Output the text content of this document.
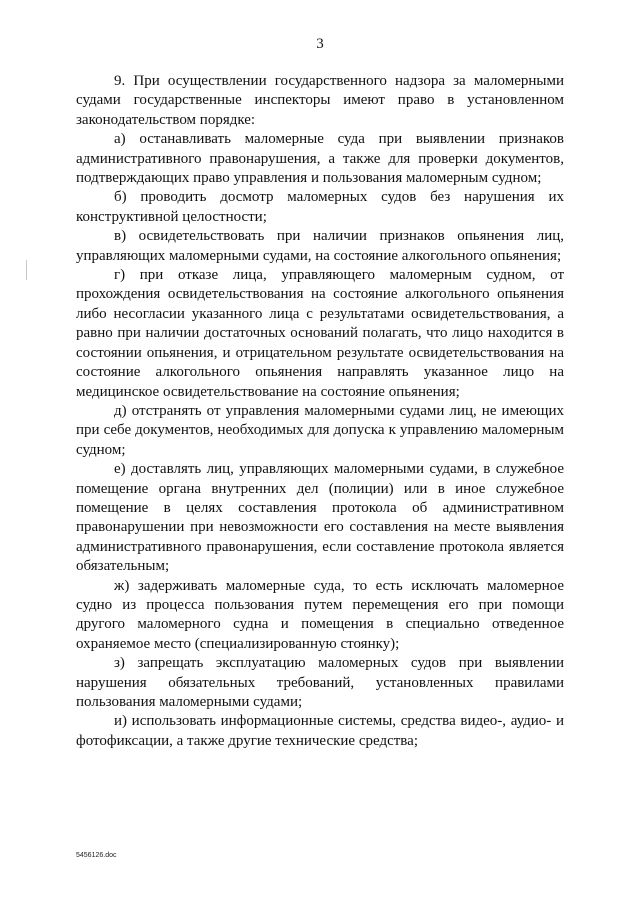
3

9. При осуществлении государственного надзора за маломерными судами государственные инспекторы имеют право в установленном законодательством порядке:

а) останавливать маломерные суда при выявлении признаков административного правонарушения, а также для проверки документов, подтверждающих право управления и пользования маломерным судном;

б) проводить досмотр маломерных судов без нарушения их конструктивной целостности;

в) освидетельствовать при наличии признаков опьянения лиц, управляющих маломерными судами, на состояние алкогольного опьянения;

г) при отказе лица, управляющего маломерным судном, от прохождения освидетельствования на состояние алкогольного опьянения либо несогласии указанного лица с результатами освидетельствования, а равно при наличии достаточных оснований полагать, что лицо находится в состоянии опьянения, и отрицательном результате освидетельствования на состояние алкогольного опьянения направлять указанное лицо на медицинское освидетельствование на состояние опьянения;

д) отстранять от управления маломерными судами лиц, не имеющих при себе документов, необходимых для допуска к управлению маломерным судном;

е) доставлять лиц, управляющих маломерными судами, в служебное помещение органа внутренних дел (полиции) или в иное служебное помещение в целях составления протокола об административном правонарушении при невозможности его составления на месте выявления административного правонарушения, если составление протокола является обязательным;

ж) задерживать маломерные суда, то есть исключать маломерное судно из процесса пользования путем перемещения его при помощи другого маломерного судна и помещения в специально отведенное охраняемое место (специализированную стоянку);

з) запрещать эксплуатацию маломерных судов при выявлении нарушения обязательных требований, установленных правилами пользования маломерными судами;

и) использовать информационные системы, средства видео-, аудио- и фотофиксации, а также другие технические средства;

5456126.doc
